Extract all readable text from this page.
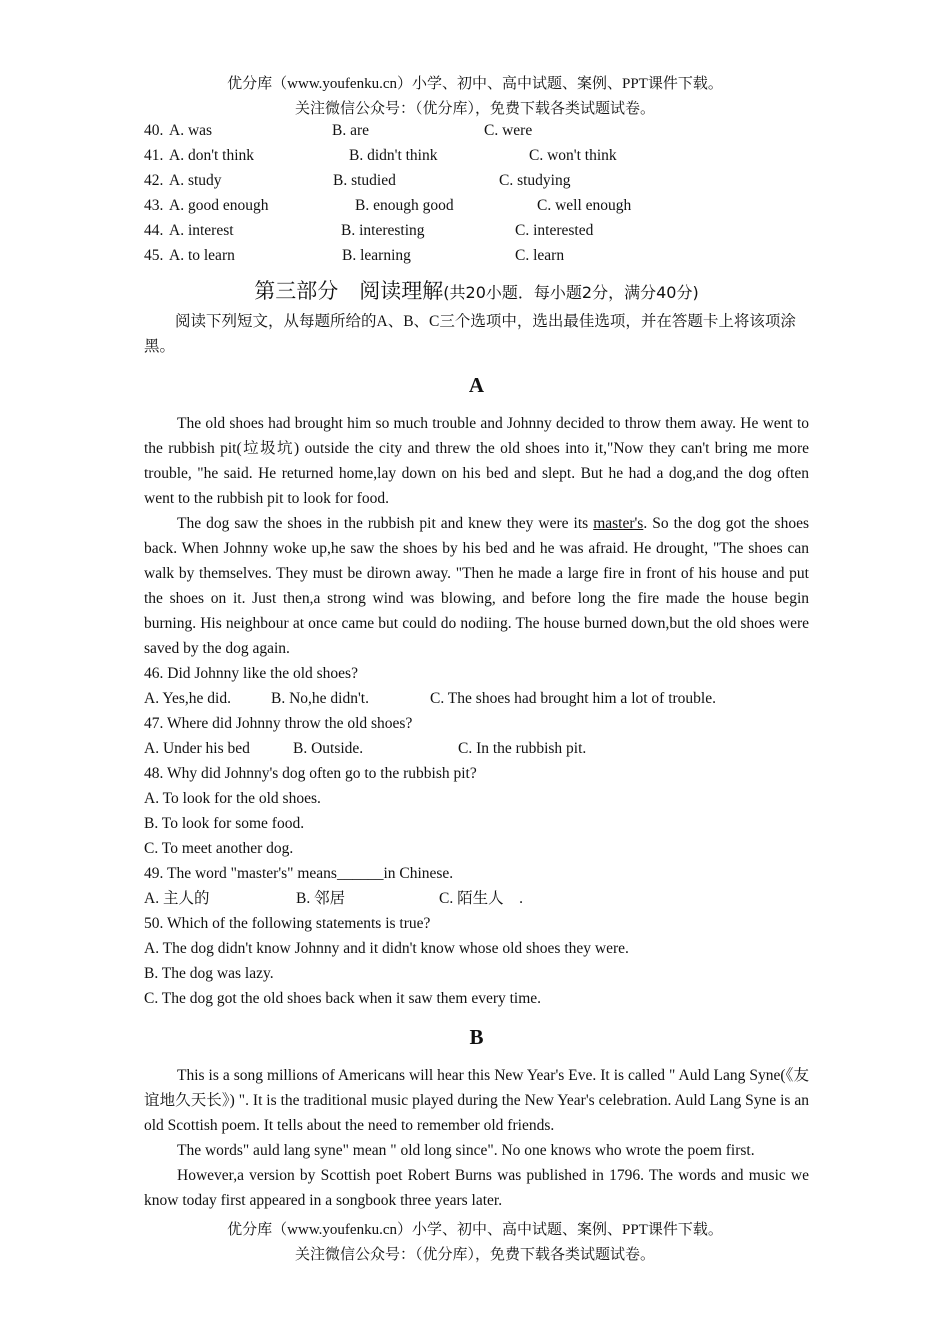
优分库（www.youfenku.cn）小学、初中、高中试题、案例、PPT课件下载。
关注微信公众号：（优分库），免费下载各类试题试卷。
40. A. was	B. are	C. were
41. A. don't think	B. didn't think	C. won't think
42. A. study	B. studied	C. studying
43. A. good enough	B. enough good	C. well enough
44. A. interest	B. interesting	C. interested
45. A. to learn	B. learning	C. learn
第三部分　阅读理解(共20小题．每小题2分，满分40分)

阅读下列短文，从每题所给的A、B、C三个选项中，选出最佳选项，并在答题卡上将该项涂黑。

A

The old shoes had brought him so much trouble and Johnny decided to throw them away. He went to the rubbish pit(垃圾坑) outside the city and threw the old shoes into it,"Now they can't bring me more trouble, "he said. He returned home,lay down on his bed and slept. But he had a dog,and the dog often went to the rubbish pit to look for food.

The dog saw the shoes in the rubbish pit and knew they were its master's. So the dog got the shoes back. When Johnny woke up,he saw the shoes by his bed and he was afraid. He drought, "The shoes can walk by themselves. They must be dirown away. "Then he made a large fire in front of his house and put the shoes on it. Just then,a strong wind was blowing, and before long the fire made the house begin burning. His neighbour at once came but could do nodiing. The house burned down,but the old shoes were saved by the dog again.

46. Did Johnny like the old shoes?

A. Yes,he did.	B. No,he didn't.	C. The shoes had brought him a lot of trouble.

47. Where did Johnny throw the old shoes?

A. Under his bed	B. Outside.	C. In the rubbish pit.

48. Why did Johnny's dog often go to the rubbish pit?

A. To look for the old shoes.

B. To look for some food.

C. To meet another dog.

49. The word "master's" means______in Chinese.

A. 主人的	B. 邻居	C. 陌生人　.

50. Which of the following statements is true?

A. The dog didn't know Johnny and it didn't know whose old shoes they were.

B. The dog was lazy.

C. The dog got the old shoes back when it saw them every time.

B

This is a song millions of Americans will hear this New Year's Eve. It is called " Auld Lang Syne(《友谊地久天长》) ". It is the traditional music played during the New Year's celebration. Auld Lang Syne is an old Scottish poem. It tells about the need to remember old friends.

The words" auld lang syne" mean " old long since". No one knows who wrote the poem first.

However,a version by Scottish poet Robert Burns was published in 1796. The words and music we know today first appeared in a songbook three years later.

优分库（www.youfenku.cn）小学、初中、高中试题、案例、PPT课件下载。
关注微信公众号：（优分库），免费下载各类试题试卷。
